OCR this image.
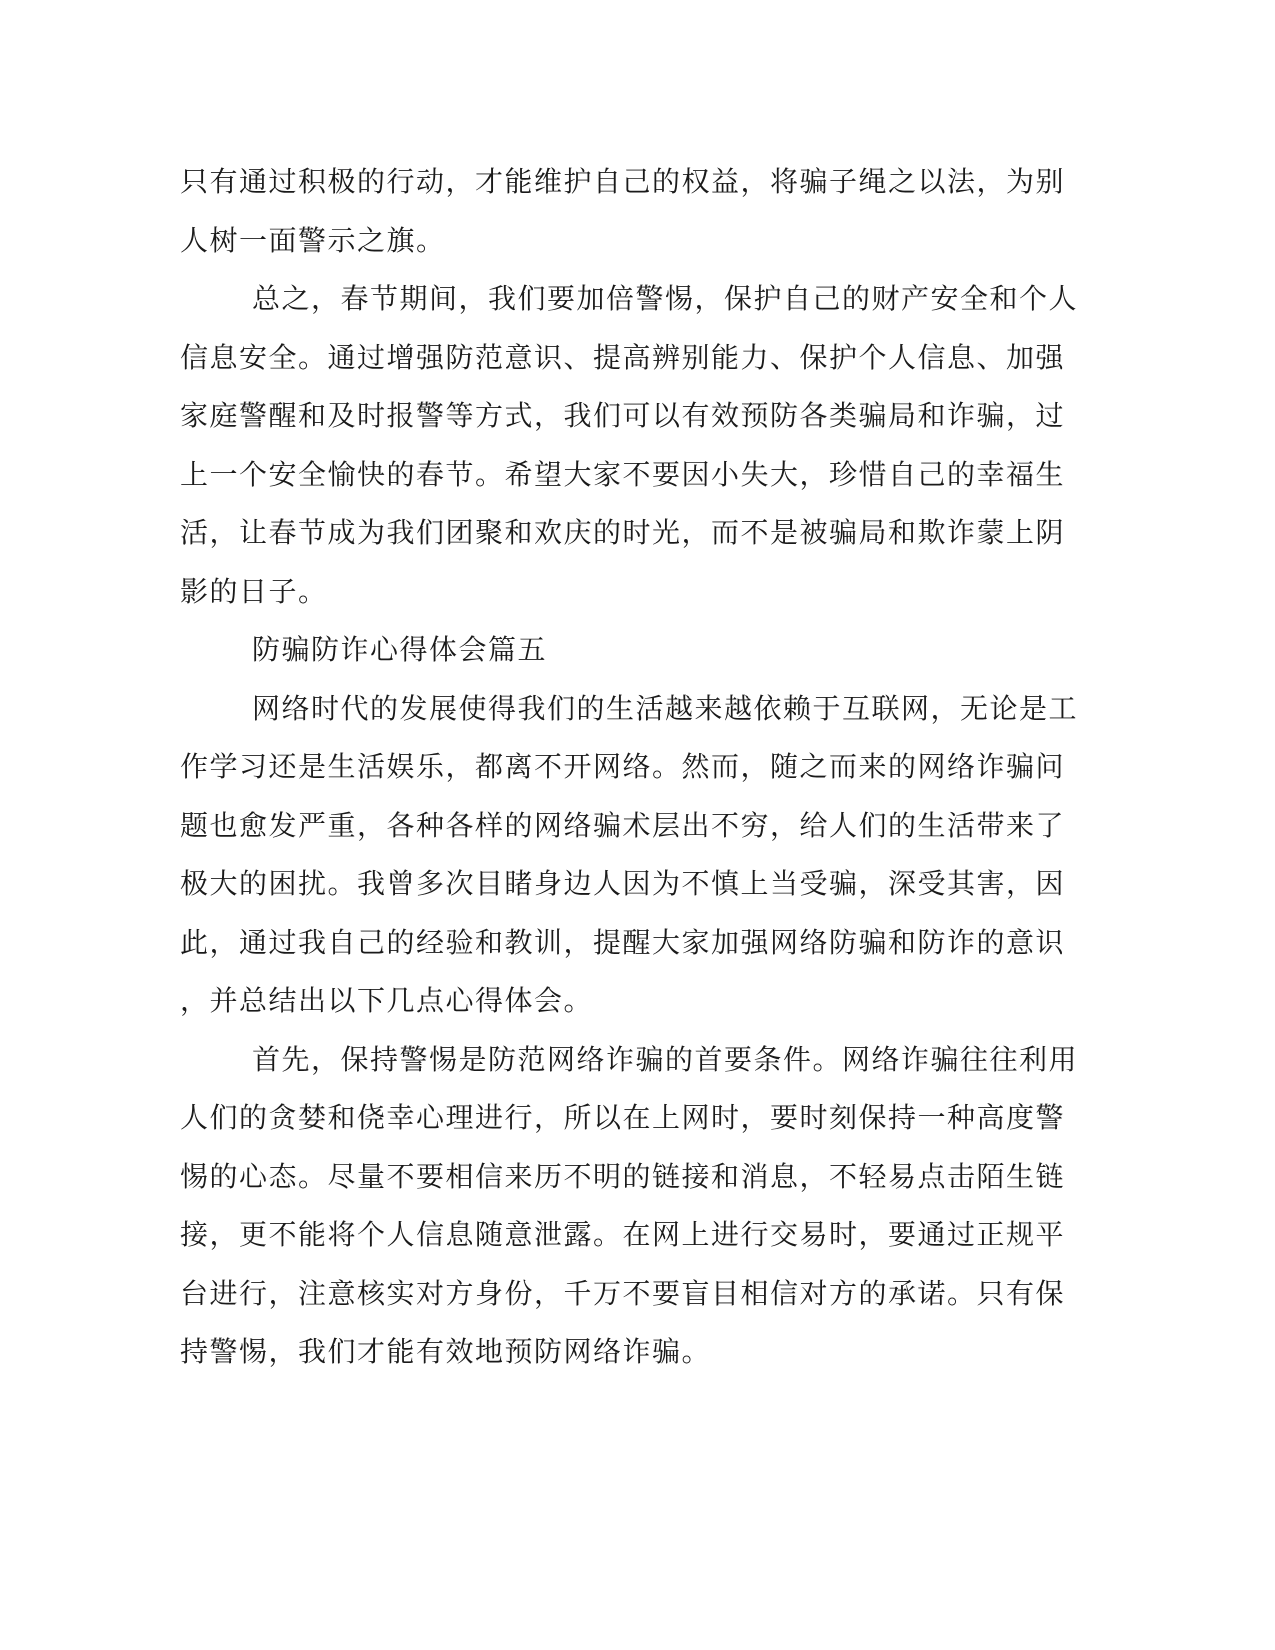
只有通过积极的行动，才能维护自己的权益，将骗子绳之以法，为别
人树一面警示之旗。
总之，春节期间，我们要加倍警惕，保护自己的财产安全和个人
信息安全。通过增强防范意识、提高辨别能力、保护个人信息、加强
家庭警醒和及时报警等方式，我们可以有效预防各类骗局和诈骗，过
上一个安全愉快的春节。希望大家不要因小失大，珍惜自己的幸福生
活，让春节成为我们团聚和欢庆的时光，而不是被骗局和欺诈蒙上阴
影的日子。
防骗防诈心得体会篇五
网络时代的发展使得我们的生活越来越依赖于互联网，无论是工
作学习还是生活娱乐，都离不开网络。然而，随之而来的网络诈骗问
题也愈发严重，各种各样的网络骗术层出不穷，给人们的生活带来了
极大的困扰。我曾多次目睹身边人因为不慎上当受骗，深受其害，因
此，通过我自己的经验和教训，提醒大家加强网络防骗和防诈的意识
，并总结出以下几点心得体会。
首先，保持警惕是防范网络诈骗的首要条件。网络诈骗往往利用
人们的贪婪和侥幸心理进行，所以在上网时，要时刻保持一种高度警
惕的心态。尽量不要相信来历不明的链接和消息，不轻易点击陌生链
接，更不能将个人信息随意泄露。在网上进行交易时，要通过正规平
台进行，注意核实对方身份，千万不要盲目相信对方的承诺。只有保
持警惕，我们才能有效地预防网络诈骗。
